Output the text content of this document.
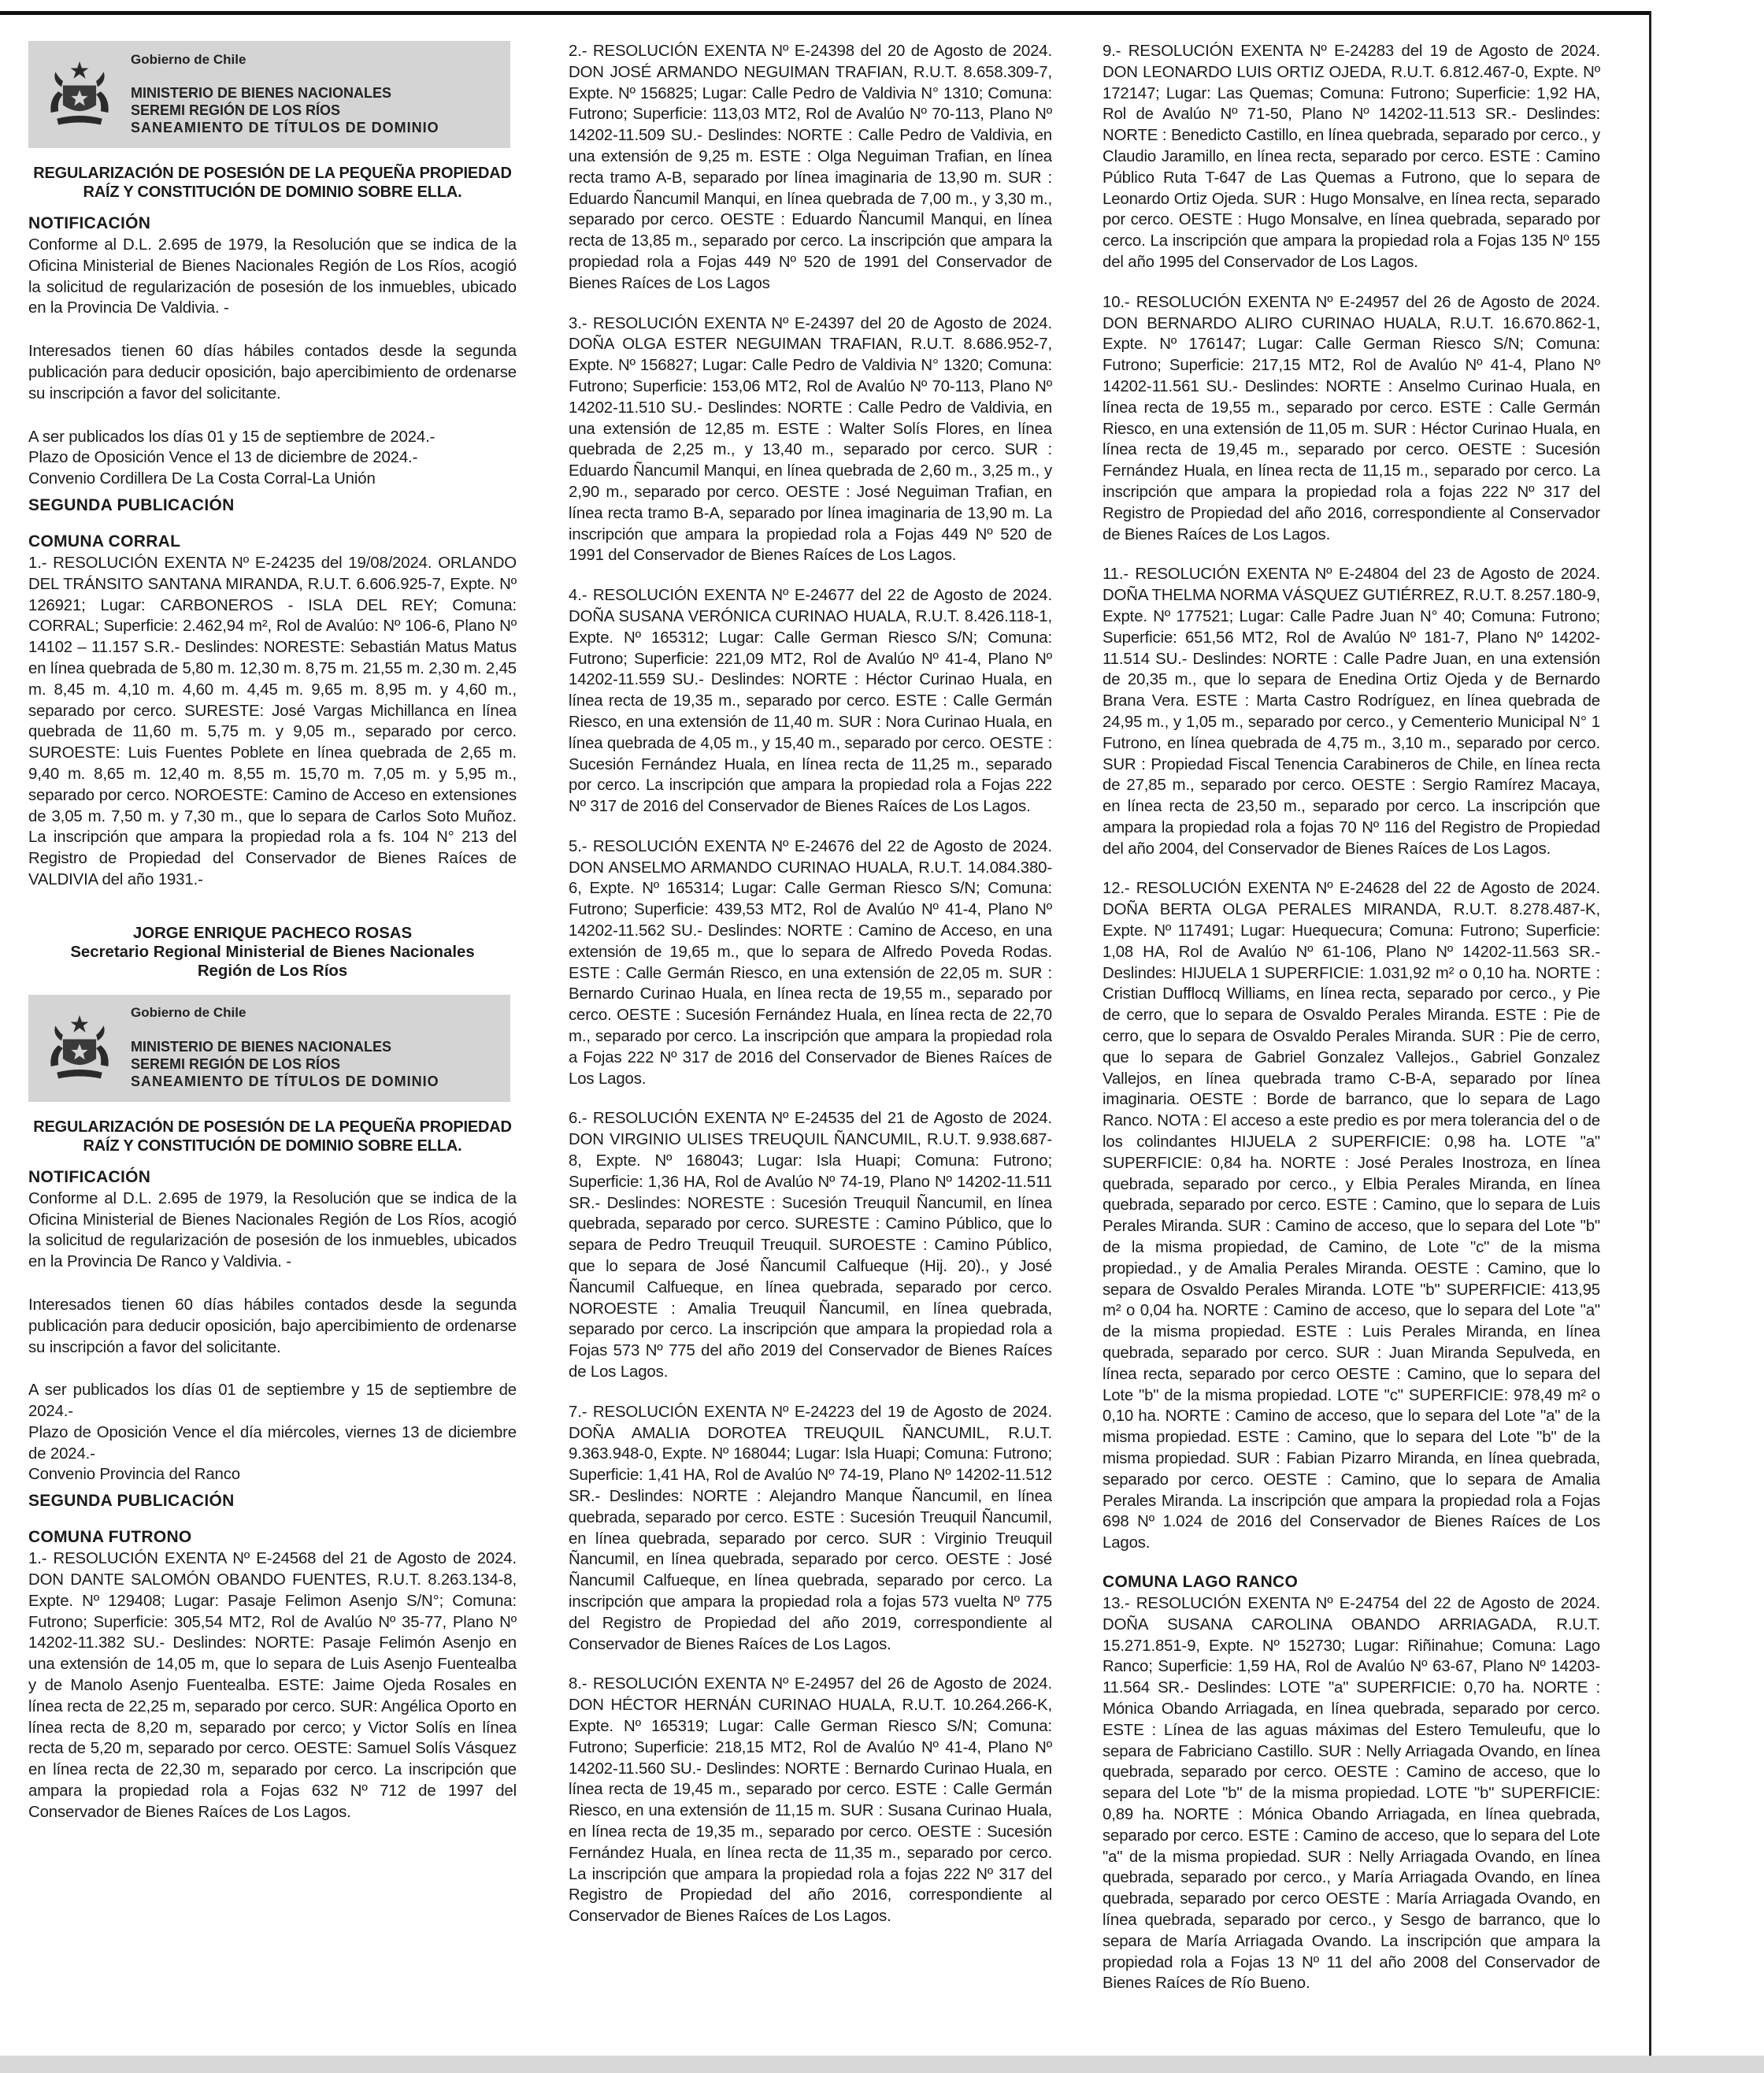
Gobierno de Chile
MINISTERIO DE BIENES NACIONALES
SEREMI REGIÓN DE LOS RÍOS
SANEAMIENTO DE TÍTULOS DE DOMINIO
REGULARIZACIÓN DE POSESIÓN DE LA PEQUEÑA PROPIEDAD RAÍZ Y CONSTITUCIÓN DE DOMINIO SOBRE ELLA.
NOTIFICACIÓN

Conforme al D.L. 2.695 de 1979, la Resolución que se indica de la Oficina Ministerial de Bienes Nacionales Región de Los Ríos, acogió la solicitud de regularización de posesión de los inmuebles, ubicado en la Provincia De Valdivia. -

Interesados tienen 60 días hábiles contados desde la segunda publicación para deducir oposición, bajo apercibimiento de ordenarse su inscripción a favor del solicitante.

A ser publicados los días 01 y 15 de septiembre de 2024.-

Plazo de Oposición Vence el 13 de diciembre de 2024.-

Convenio Cordillera De La Costa Corral-La Unión

SEGUNDA PUBLICACIÓN
COMUNA CORRAL

1.- RESOLUCIÓN EXENTA Nº E-24235 del 19/08/2024. ORLANDO DEL TRÁNSITO SANTANA MIRANDA, R.U.T. 6.606.925-7, Expte. Nº 126921; Lugar: CARBONEROS - ISLA DEL REY; Comuna: CORRAL; Superficie: 2.462,94 m², Rol de Avalúo: Nº 106-6, Plano Nº 14102 – 11.157 S.R.- Deslindes: NORESTE: Sebastián Matus Matus en línea quebrada de 5,80 m. 12,30 m. 8,75 m. 21,55 m. 2,30 m. 2,45 m. 8,45 m. 4,10 m. 4,60 m. 4,45 m. 9,65 m. 8,95 m. y 4,60 m., separado por cerco. SURESTE: José Vargas Michillanca en línea quebrada de 11,60 m. 5,75 m. y 9,05 m., separado por cerco. SUROESTE: Luis Fuentes Poblete en línea quebrada de 2,65 m. 9,40 m. 8,65 m. 12,40 m. 8,55 m. 15,70 m. 7,05 m. y 5,95 m., separado por cerco. NOROESTE: Camino de Acceso en extensiones de 3,05 m. 7,50 m. y 7,30 m., que lo separa de Carlos Soto Muñoz. La inscripción que ampara la propiedad rola a fs. 104 N° 213 del Registro de Propiedad del Conservador de Bienes Raíces de VALDIVIA del año 1931.-

JORGE ENRIQUE PACHECO ROSAS
Secretario Regional Ministerial de Bienes Nacionales
Región de Los Ríos
Gobierno de Chile
MINISTERIO DE BIENES NACIONALES
SEREMI REGIÓN DE LOS RÍOS
SANEAMIENTO DE TÍTULOS DE DOMINIO
REGULARIZACIÓN DE POSESIÓN DE LA PEQUEÑA PROPIEDAD RAÍZ Y CONSTITUCIÓN DE DOMINIO SOBRE ELLA.
NOTIFICACIÓN

Conforme al D.L. 2.695 de 1979, la Resolución que se indica de la Oficina Ministerial de Bienes Nacionales Región de Los Ríos, acogió la solicitud de regularización de posesión de los inmuebles, ubicados en la Provincia De Ranco y Valdivia. -

Interesados tienen 60 días hábiles contados desde la segunda publicación para deducir oposición, bajo apercibimiento de ordenarse su inscripción a favor del solicitante.

A ser publicados los días 01 de septiembre y 15 de septiembre de 2024.-

Plazo de Oposición Vence el día miércoles, viernes 13 de diciembre de 2024.-

Convenio Provincia del Ranco

SEGUNDA PUBLICACIÓN
COMUNA FUTRONO

1.- RESOLUCIÓN EXENTA Nº E-24568 del 21 de Agosto de 2024. DON DANTE SALOMÓN OBANDO FUENTES, R.U.T. 8.263.134-8, Expte. Nº 129408; Lugar: Pasaje Felimon Asenjo S/N°; Comuna: Futrono; Superficie: 305,54 MT2, Rol de Avalúo Nº 35-77, Plano Nº 14202-11.382 SU.- Deslindes: NORTE: Pasaje Felimón Asenjo en una extensión de 14,05 m, que lo separa de Luis Asenjo Fuentealba y de Manolo Asenjo Fuentealba. ESTE: Jaime Ojeda Rosales en línea recta de 22,25 m, separado por cerco. SUR: Angélica Oporto en línea recta de 8,20 m, separado por cerco; y Victor Solís en línea recta de 5,20 m, separado por cerco. OESTE: Samuel Solís Vásquez en línea recta de 22,30 m, separado por cerco. La inscripción que ampara la propiedad rola a Fojas 632 Nº 712 de 1997 del Conservador de Bienes Raíces de Los Lagos.

2.- RESOLUCIÓN EXENTA Nº E-24398 del 20 de Agosto de 2024. DON JOSÉ ARMANDO NEGUIMAN TRAFIAN, R.U.T. 8.658.309-7, Expte. Nº 156825; Lugar: Calle Pedro de Valdivia N° 1310; Comuna: Futrono; Superficie: 113,03 MT2, Rol de Avalúo Nº 70-113, Plano Nº 14202-11.509 SU.- Deslindes: NORTE : Calle Pedro de Valdivia, en una extensión de 9,25 m. ESTE : Olga Neguiman Trafian, en línea recta tramo A-B, separado por línea imaginaria de 13,90 m. SUR : Eduardo Ñancumil Manqui, en línea quebrada de 7,00 m., y 3,30 m., separado por cerco. OESTE : Eduardo Ñancumil Manqui, en línea recta de 13,85 m., separado por cerco. La inscripción que ampara la propiedad rola a Fojas 449 Nº 520 de 1991 del Conservador de Bienes Raíces de Los Lagos

3.- RESOLUCIÓN EXENTA Nº E-24397 del 20 de Agosto de 2024. DOÑA OLGA ESTER NEGUIMAN TRAFIAN, R.U.T. 8.686.952-7, Expte. Nº 156827; Lugar: Calle Pedro de Valdivia N° 1320; Comuna: Futrono; Superficie: 153,06 MT2, Rol de Avalúo Nº 70-113, Plano Nº 14202-11.510 SU.- Deslindes: NORTE : Calle Pedro de Valdivia, en una extensión de 12,85 m. ESTE : Walter Solís Flores, en línea quebrada de 2,25 m., y 13,40 m., separado por cerco. SUR : Eduardo Ñancumil Manqui, en línea quebrada de 2,60 m., 3,25 m., y 2,90 m., separado por cerco. OESTE : José Neguiman Trafian, en línea recta tramo B-A, separado por línea imaginaria de 13,90 m. La inscripción que ampara la propiedad rola a Fojas 449 Nº 520 de 1991 del Conservador de Bienes Raíces de Los Lagos.

4.- RESOLUCIÓN EXENTA Nº E-24677 del 22 de Agosto de 2024. DOÑA SUSANA VERÓNICA CURINAO HUALA, R.U.T. 8.426.118-1, Expte. Nº 165312; Lugar: Calle German Riesco S/N; Comuna: Futrono; Superficie: 221,09 MT2, Rol de Avalúo Nº 41-4, Plano Nº 14202-11.559 SU.- Deslindes: NORTE : Héctor Curinao Huala, en línea recta de 19,35 m., separado por cerco. ESTE : Calle Germán Riesco, en una extensión de 11,40 m. SUR : Nora Curinao Huala, en línea quebrada de 4,05 m., y 15,40 m., separado por cerco. OESTE : Sucesión Fernández Huala, en línea recta de 11,25 m., separado por cerco. La inscripción que ampara la propiedad rola a Fojas 222 Nº 317 de 2016 del Conservador de Bienes Raíces de Los Lagos.

5.- RESOLUCIÓN EXENTA Nº E-24676 del 22 de Agosto de 2024. DON ANSELMO ARMANDO CURINAO HUALA, R.U.T. 14.084.380-6, Expte. Nº 165314; Lugar: Calle German Riesco S/N; Comuna: Futrono; Superficie: 439,53 MT2, Rol de Avalúo Nº 41-4, Plano Nº 14202-11.562 SU.- Deslindes: NORTE : Camino de Acceso, en una extensión de 19,65 m., que lo separa de Alfredo Poveda Rodas. ESTE : Calle Germán Riesco, en una extensión de 22,05 m. SUR : Bernardo Curinao Huala, en línea recta de 19,55 m., separado por cerco. OESTE : Sucesión Fernández Huala, en línea recta de 22,70 m., separado por cerco. La inscripción que ampara la propiedad rola a Fojas 222 Nº 317 de 2016 del Conservador de Bienes Raíces de Los Lagos.

6.- RESOLUCIÓN EXENTA Nº E-24535 del 21 de Agosto de 2024. DON VIRGINIO ULISES TREUQUIL ÑANCUMIL, R.U.T. 9.938.687-8, Expte. Nº 168043; Lugar: Isla Huapi; Comuna: Futrono; Superficie: 1,36 HA, Rol de Avalúo Nº 74-19, Plano Nº 14202-11.511 SR.- Deslindes: NORESTE : Sucesión Treuquil Ñancumil, en línea quebrada, separado por cerco. SURESTE : Camino Público, que lo separa de Pedro Treuquil Treuquil. SUROESTE : Camino Público, que lo separa de José Ñancumil Calfueque (Hij. 20)., y José Ñancumil Calfueque, en línea quebrada, separado por cerco. NOROESTE : Amalia Treuquil Ñancumil, en línea quebrada, separado por cerco. La inscripción que ampara la propiedad rola a Fojas 573 Nº 775 del año 2019 del Conservador de Bienes Raíces de Los Lagos.

7.- RESOLUCIÓN EXENTA Nº E-24223 del 19 de Agosto de 2024. DOÑA AMALIA DOROTEA TREUQUIL ÑANCUMIL, R.U.T. 9.363.948-0, Expte. Nº 168044; Lugar: Isla Huapi; Comuna: Futrono; Superficie: 1,41 HA, Rol de Avalúo Nº 74-19, Plano Nº 14202-11.512 SR.- Deslindes: NORTE : Alejandro Manque Ñancumil, en línea quebrada, separado por cerco. ESTE : Sucesión Treuquil Ñancumil, en línea quebrada, separado por cerco. SUR : Virginio Treuquil Ñancumil, en línea quebrada, separado por cerco. OESTE : José Ñancumil Calfueque, en línea quebrada, separado por cerco. La inscripción que ampara la propiedad rola a fojas 573 vuelta Nº 775 del Registro de Propiedad del año 2019, correspondiente al Conservador de Bienes Raíces de Los Lagos.

8.- RESOLUCIÓN EXENTA Nº E-24957 del 26 de Agosto de 2024. DON HÉCTOR HERNÁN CURINAO HUALA, R.U.T. 10.264.266-K, Expte. Nº 165319; Lugar: Calle German Riesco S/N; Comuna: Futrono; Superficie: 218,15 MT2, Rol de Avalúo Nº 41-4, Plano Nº 14202-11.560 SU.- Deslindes: NORTE : Bernardo Curinao Huala, en línea recta de 19,45 m., separado por cerco. ESTE : Calle Germán Riesco, en una extensión de 11,15 m. SUR : Susana Curinao Huala, en línea recta de 19,35 m., separado por cerco. OESTE : Sucesión Fernández Huala, en línea recta de 11,35 m., separado por cerco. La inscripción que ampara la propiedad rola a fojas 222 Nº 317 del Registro de Propiedad del año 2016, correspondiente al Conservador de Bienes Raíces de Los Lagos.

9.- RESOLUCIÓN EXENTA Nº E-24283 del 19 de Agosto de 2024. DON LEONARDO LUIS ORTIZ OJEDA, R.U.T. 6.812.467-0, Expte. Nº 172147; Lugar: Las Quemas; Comuna: Futrono; Superficie: 1,92 HA, Rol de Avalúo Nº 71-50, Plano Nº 14202-11.513 SR.- Deslindes: NORTE : Benedicto Castillo, en línea quebrada, separado por cerco., y Claudio Jaramillo, en línea recta, separado por cerco. ESTE : Camino Público Ruta T-647 de Las Quemas a Futrono, que lo separa de Leonardo Ortiz Ojeda. SUR : Hugo Monsalve, en línea recta, separado por cerco. OESTE : Hugo Monsalve, en línea quebrada, separado por cerco. La inscripción que ampara la propiedad rola a Fojas 135 Nº 155 del año 1995 del Conservador de Los Lagos.

10.- RESOLUCIÓN EXENTA Nº E-24957 del 26 de Agosto de 2024. DON BERNARDO ALIRO CURINAO HUALA, R.U.T. 16.670.862-1, Expte. Nº 176147; Lugar: Calle German Riesco S/N; Comuna: Futrono; Superficie: 217,15 MT2, Rol de Avalúo Nº 41-4, Plano Nº 14202-11.561 SU.- Deslindes: NORTE : Anselmo Curinao Huala, en línea recta de 19,55 m., separado por cerco. ESTE : Calle Germán Riesco, en una extensión de 11,05 m. SUR : Héctor Curinao Huala, en línea recta de 19,45 m., separado por cerco. OESTE : Sucesión Fernández Huala, en línea recta de 11,15 m., separado por cerco. La inscripción que ampara la propiedad rola a fojas 222 Nº 317 del Registro de Propiedad del año 2016, correspondiente al Conservador de Bienes Raíces de Los Lagos.

11.- RESOLUCIÓN EXENTA Nº E-24804 del 23 de Agosto de 2024. DOÑA THELMA NORMA VÁSQUEZ GUTIÉRREZ, R.U.T. 8.257.180-9, Expte. Nº 177521; Lugar: Calle Padre Juan N° 40; Comuna: Futrono; Superficie: 651,56 MT2, Rol de Avalúo Nº 181-7, Plano Nº 14202-11.514 SU.- Deslindes: NORTE : Calle Padre Juan, en una extensión de 20,35 m., que lo separa de Enedina Ortiz Ojeda y de Bernardo Brana Vera. ESTE : Marta Castro Rodríguez, en línea quebrada de 24,95 m., y 1,05 m., separado por cerco., y Cementerio Municipal N° 1 Futrono, en línea quebrada de 4,75 m., 3,10 m., separado por cerco. SUR : Propiedad Fiscal Tenencia Carabineros de Chile, en línea recta de 27,85 m., separado por cerco. OESTE : Sergio Ramírez Macaya, en línea recta de 23,50 m., separado por cerco. La inscripción que ampara la propiedad rola a fojas 70 Nº 116 del Registro de Propiedad del año 2004, del Conservador de Bienes Raíces de Los Lagos.

12.- RESOLUCIÓN EXENTA Nº E-24628 del 22 de Agosto de 2024. DOÑA BERTA OLGA PERALES MIRANDA, R.U.T. 8.278.487-K, Expte. Nº 117491; Lugar: Huequecura; Comuna: Futrono; Superficie: 1,08 HA, Rol de Avalúo Nº 61-106, Plano Nº 14202-11.563 SR.- Deslindes: HIJUELA 1 SUPERFICIE: 1.031,92 m² o 0,10 ha. NORTE : Cristian Dufflocq Williams, en línea recta, separado por cerco., y Pie de cerro, que lo separa de Osvaldo Perales Miranda. ESTE : Pie de cerro, que lo separa de Osvaldo Perales Miranda. SUR : Pie de cerro, que lo separa de Gabriel Gonzalez Vallejos., Gabriel Gonzalez Vallejos, en línea quebrada tramo C-B-A, separado por línea imaginaria. OESTE : Borde de barranco, que lo separa de Lago Ranco. NOTA : El acceso a este predio es por mera tolerancia del o de los colindantes HIJUELA 2 SUPERFICIE: 0,98 ha. LOTE "a" SUPERFICIE: 0,84 ha. NORTE : José Perales Inostroza, en línea quebrada, separado por cerco., y Elbia Perales Miranda, en línea quebrada, separado por cerco. ESTE : Camino, que lo separa de Luis Perales Miranda. SUR : Camino de acceso, que lo separa del Lote "b" de la misma propiedad, de Camino, de Lote "c" de la misma propiedad., y de Amalia Perales Miranda. OESTE : Camino, que lo separa de Osvaldo Perales Miranda. LOTE "b" SUPERFICIE: 413,95 m² o 0,04 ha. NORTE : Camino de acceso, que lo separa del Lote "a" de la misma propiedad. ESTE : Luis Perales Miranda, en línea quebrada, separado por cerco. SUR : Juan Miranda Sepulveda, en línea recta, separado por cerco OESTE : Camino, que lo separa del Lote "b" de la misma propiedad. LOTE "c" SUPERFICIE: 978,49 m² o 0,10 ha. NORTE : Camino de acceso, que lo separa del Lote "a" de la misma propiedad. ESTE : Camino, que lo separa del Lote "b" de la misma propiedad. SUR : Fabian Pizarro Miranda, en línea quebrada, separado por cerco. OESTE : Camino, que lo separa de Amalia Perales Miranda. La inscripción que ampara la propiedad rola a Fojas 698 Nº 1.024 de 2016 del Conservador de Bienes Raíces de Los Lagos.

COMUNA LAGO RANCO

13.- RESOLUCIÓN EXENTA Nº E-24754 del 22 de Agosto de 2024. DOÑA SUSANA CAROLINA OBANDO ARRIAGADA, R.U.T. 15.271.851-9, Expte. Nº 152730; Lugar: Riñinahue; Comuna: Lago Ranco; Superficie: 1,59 HA, Rol de Avalúo Nº 63-67, Plano Nº 14203-11.564 SR.- Deslindes: LOTE "a" SUPERFICIE: 0,70 ha. NORTE : Mónica Obando Arriagada, en línea quebrada, separado por cerco. ESTE : Línea de las aguas máximas del Estero Temuleufu, que lo separa de Fabriciano Castillo. SUR : Nelly Arriagada Ovando, en línea quebrada, separado por cerco. OESTE : Camino de acceso, que lo separa del Lote "b" de la misma propiedad. LOTE "b" SUPERFICIE: 0,89 ha. NORTE : Mónica Obando Arriagada, en línea quebrada, separado por cerco. ESTE : Camino de acceso, que lo separa del Lote "a" de la misma propiedad. SUR : Nelly Arriagada Ovando, en línea quebrada, separado por cerco., y María Arriagada Ovando, en línea quebrada, separado por cerco OESTE : María Arriagada Ovando, en línea quebrada, separado por cerco., y Sesgo de barranco, que lo separa de María Arriagada Ovando. La inscripción que ampara la propiedad rola a Fojas 13 Nº 11 del año 2008 del Conservador de Bienes Raíces de Río Bueno.
